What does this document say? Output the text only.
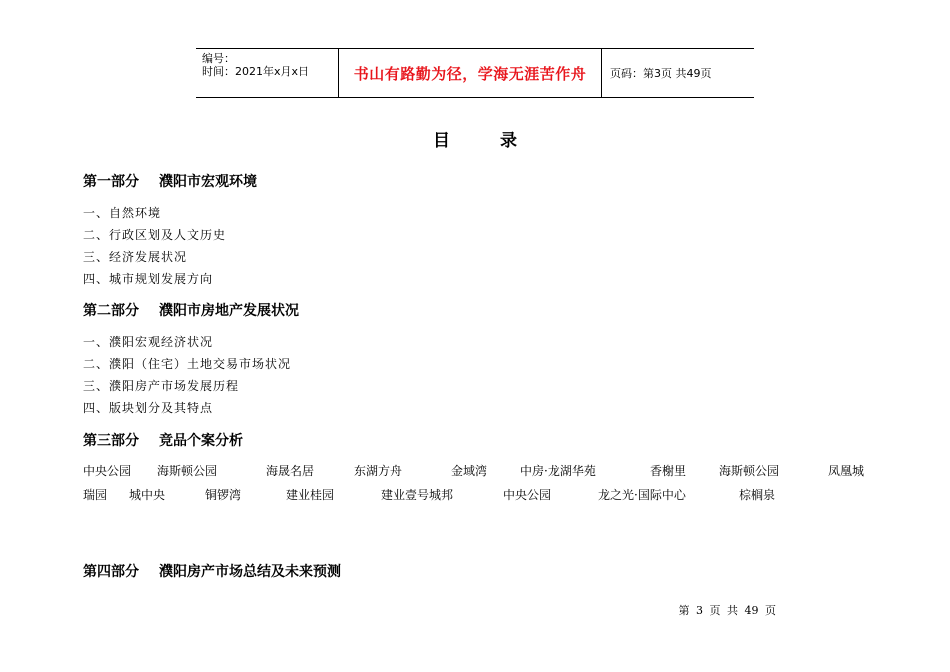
编号：
时间：2021年x月x日	书山有路勤为径，学海无涯苦作舟	页码：第3页 共49页
目录
第一部分 濮阳市宏观环境
一、自然环境
二、行政区划及人文历史
三、经济发展状况
四、城市规划发展方向
第二部分 濮阳市房地产发展状况
一、濮阳宏观经济状况
二、濮阳（住宅）土地交易市场状况
三、濮阳房产市场发展历程
四、版块划分及其特点
第三部分 竞品个案分析
中央公园 海斯顿公园	海晟名居	东湖方舟	金域湾	中房·龙湖华苑	香榭里	海斯顿公园	凤凰城
瑞园 城中央	铜锣湾	建业桂园	建业壹号城邦	中央公园	龙之光·国际中心	棕榈泉
第四部分 濮阳房产市场总结及未来预测
第 3 页 共 49 页
